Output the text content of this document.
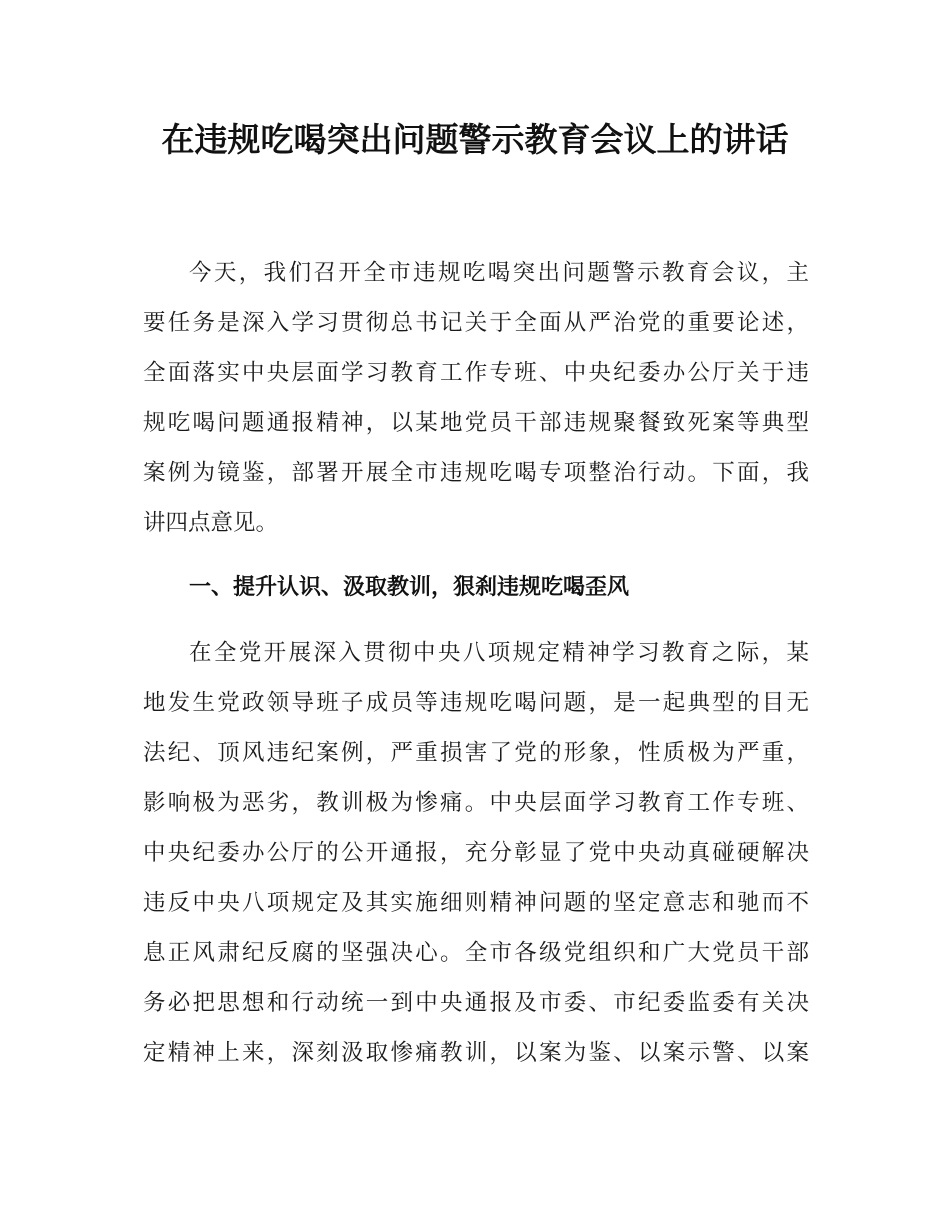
在违规吃喝突出问题警示教育会议上的讲话
今天，我们召开全市违规吃喝突出问题警示教育会议，主
要任务是深入学习贯彻总书记关于全面从严治党的重要论述，
全面落实中央层面学习教育工作专班、中央纪委办公厅关于违
规吃喝问题通报精神，以某地党员干部违规聚餐致死案等典型
案例为镜鉴，部署开展全市违规吃喝专项整治行动。下面，我
讲四点意见。
一、提升认识、汲取教训，狠刹违规吃喝歪风
在全党开展深入贯彻中央八项规定精神学习教育之际，某
地发生党政领导班子成员等违规吃喝问题，是一起典型的目无
法纪、顶风违纪案例，严重损害了党的形象，性质极为严重，
影响极为恶劣，教训极为惨痛。中央层面学习教育工作专班、
中央纪委办公厅的公开通报，充分彰显了党中央动真碰硬解决
违反中央八项规定及其实施细则精神问题的坚定意志和驰而不
息正风肃纪反腐的坚强决心。全市各级党组织和广大党员干部
务必把思想和行动统一到中央通报及市委、市纪委监委有关决
定精神上来，深刻汲取惨痛教训，以案为鉴、以案示警、以案
